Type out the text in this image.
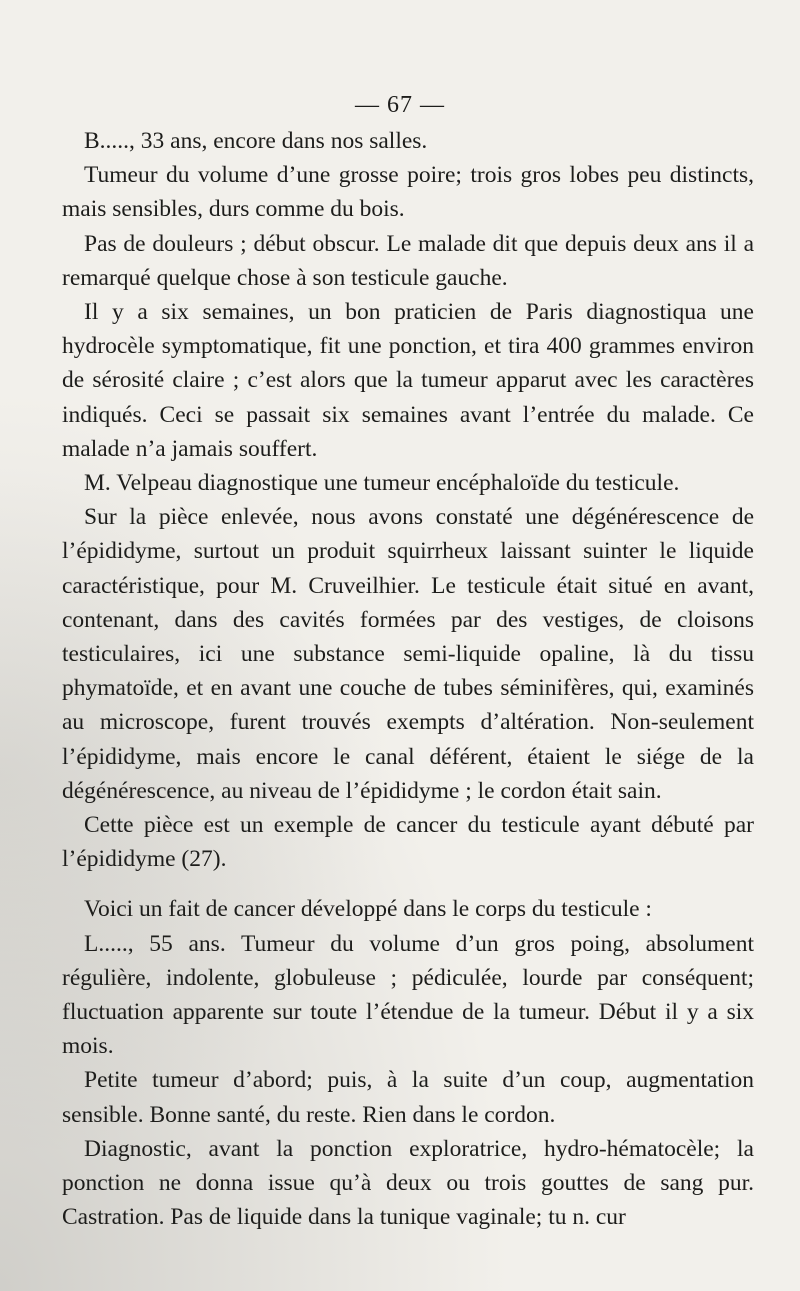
— 67 —

B....., 33 ans, encore dans nos salles.

Tumeur du volume d’une grosse poire; trois gros lobes peu distincts, mais sensibles, durs comme du bois.

Pas de douleurs ; début obscur. Le malade dit que depuis deux ans il a remarqué quelque chose à son testicule gauche.

Il y a six semaines, un bon praticien de Paris diagnostiqua une hydrocèle symptomatique, fit une ponction, et tira 400 grammes environ de sérosité claire ; c’est alors que la tumeur apparut avec les caractères indiqués. Ceci se passait six semaines avant l’entrée du malade. Ce malade n’a jamais souffert.

M. Velpeau diagnostique une tumeur encéphaloïde du testicule.

Sur la pièce enlevée, nous avons constaté une dégénérescence de l’épididyme, surtout un produit squirrheux laissant suinter le liquide caractéristique, pour M. Cruveilhier. Le testicule était situé en avant, contenant, dans des cavités formées par des vestiges, de cloisons testiculaires, ici une substance semi-liquide opaline, là du tissu phymatoïde, et en avant une couche de tubes séminifères, qui, examinés au microscope, furent trouvés exempts d’altération. Non-seulement l’épididyme, mais encore le canal déférent, étaient le siége de la dégénérescence, au niveau de l’épididyme ; le cordon était sain.

Cette pièce est un exemple de cancer du testicule ayant débuté par l’épididyme (27).

Voici un fait de cancer développé dans le corps du testicule :

L....., 55 ans. Tumeur du volume d’un gros poing, absolument régulière, indolente, globuleuse ; pédiculée, lourde par conséquent; fluctuation apparente sur toute l’étendue de la tumeur. Début il y a six mois.

Petite tumeur d’abord; puis, à la suite d’un coup, augmentation sensible. Bonne santé, du reste. Rien dans le cordon.

Diagnostic, avant la ponction exploratrice, hydro-hématocèle; la ponction ne donna issue qu’à deux ou trois gouttes de sang pur. Castration. Pas de liquide dans la tunique vaginale; tu n. cur
